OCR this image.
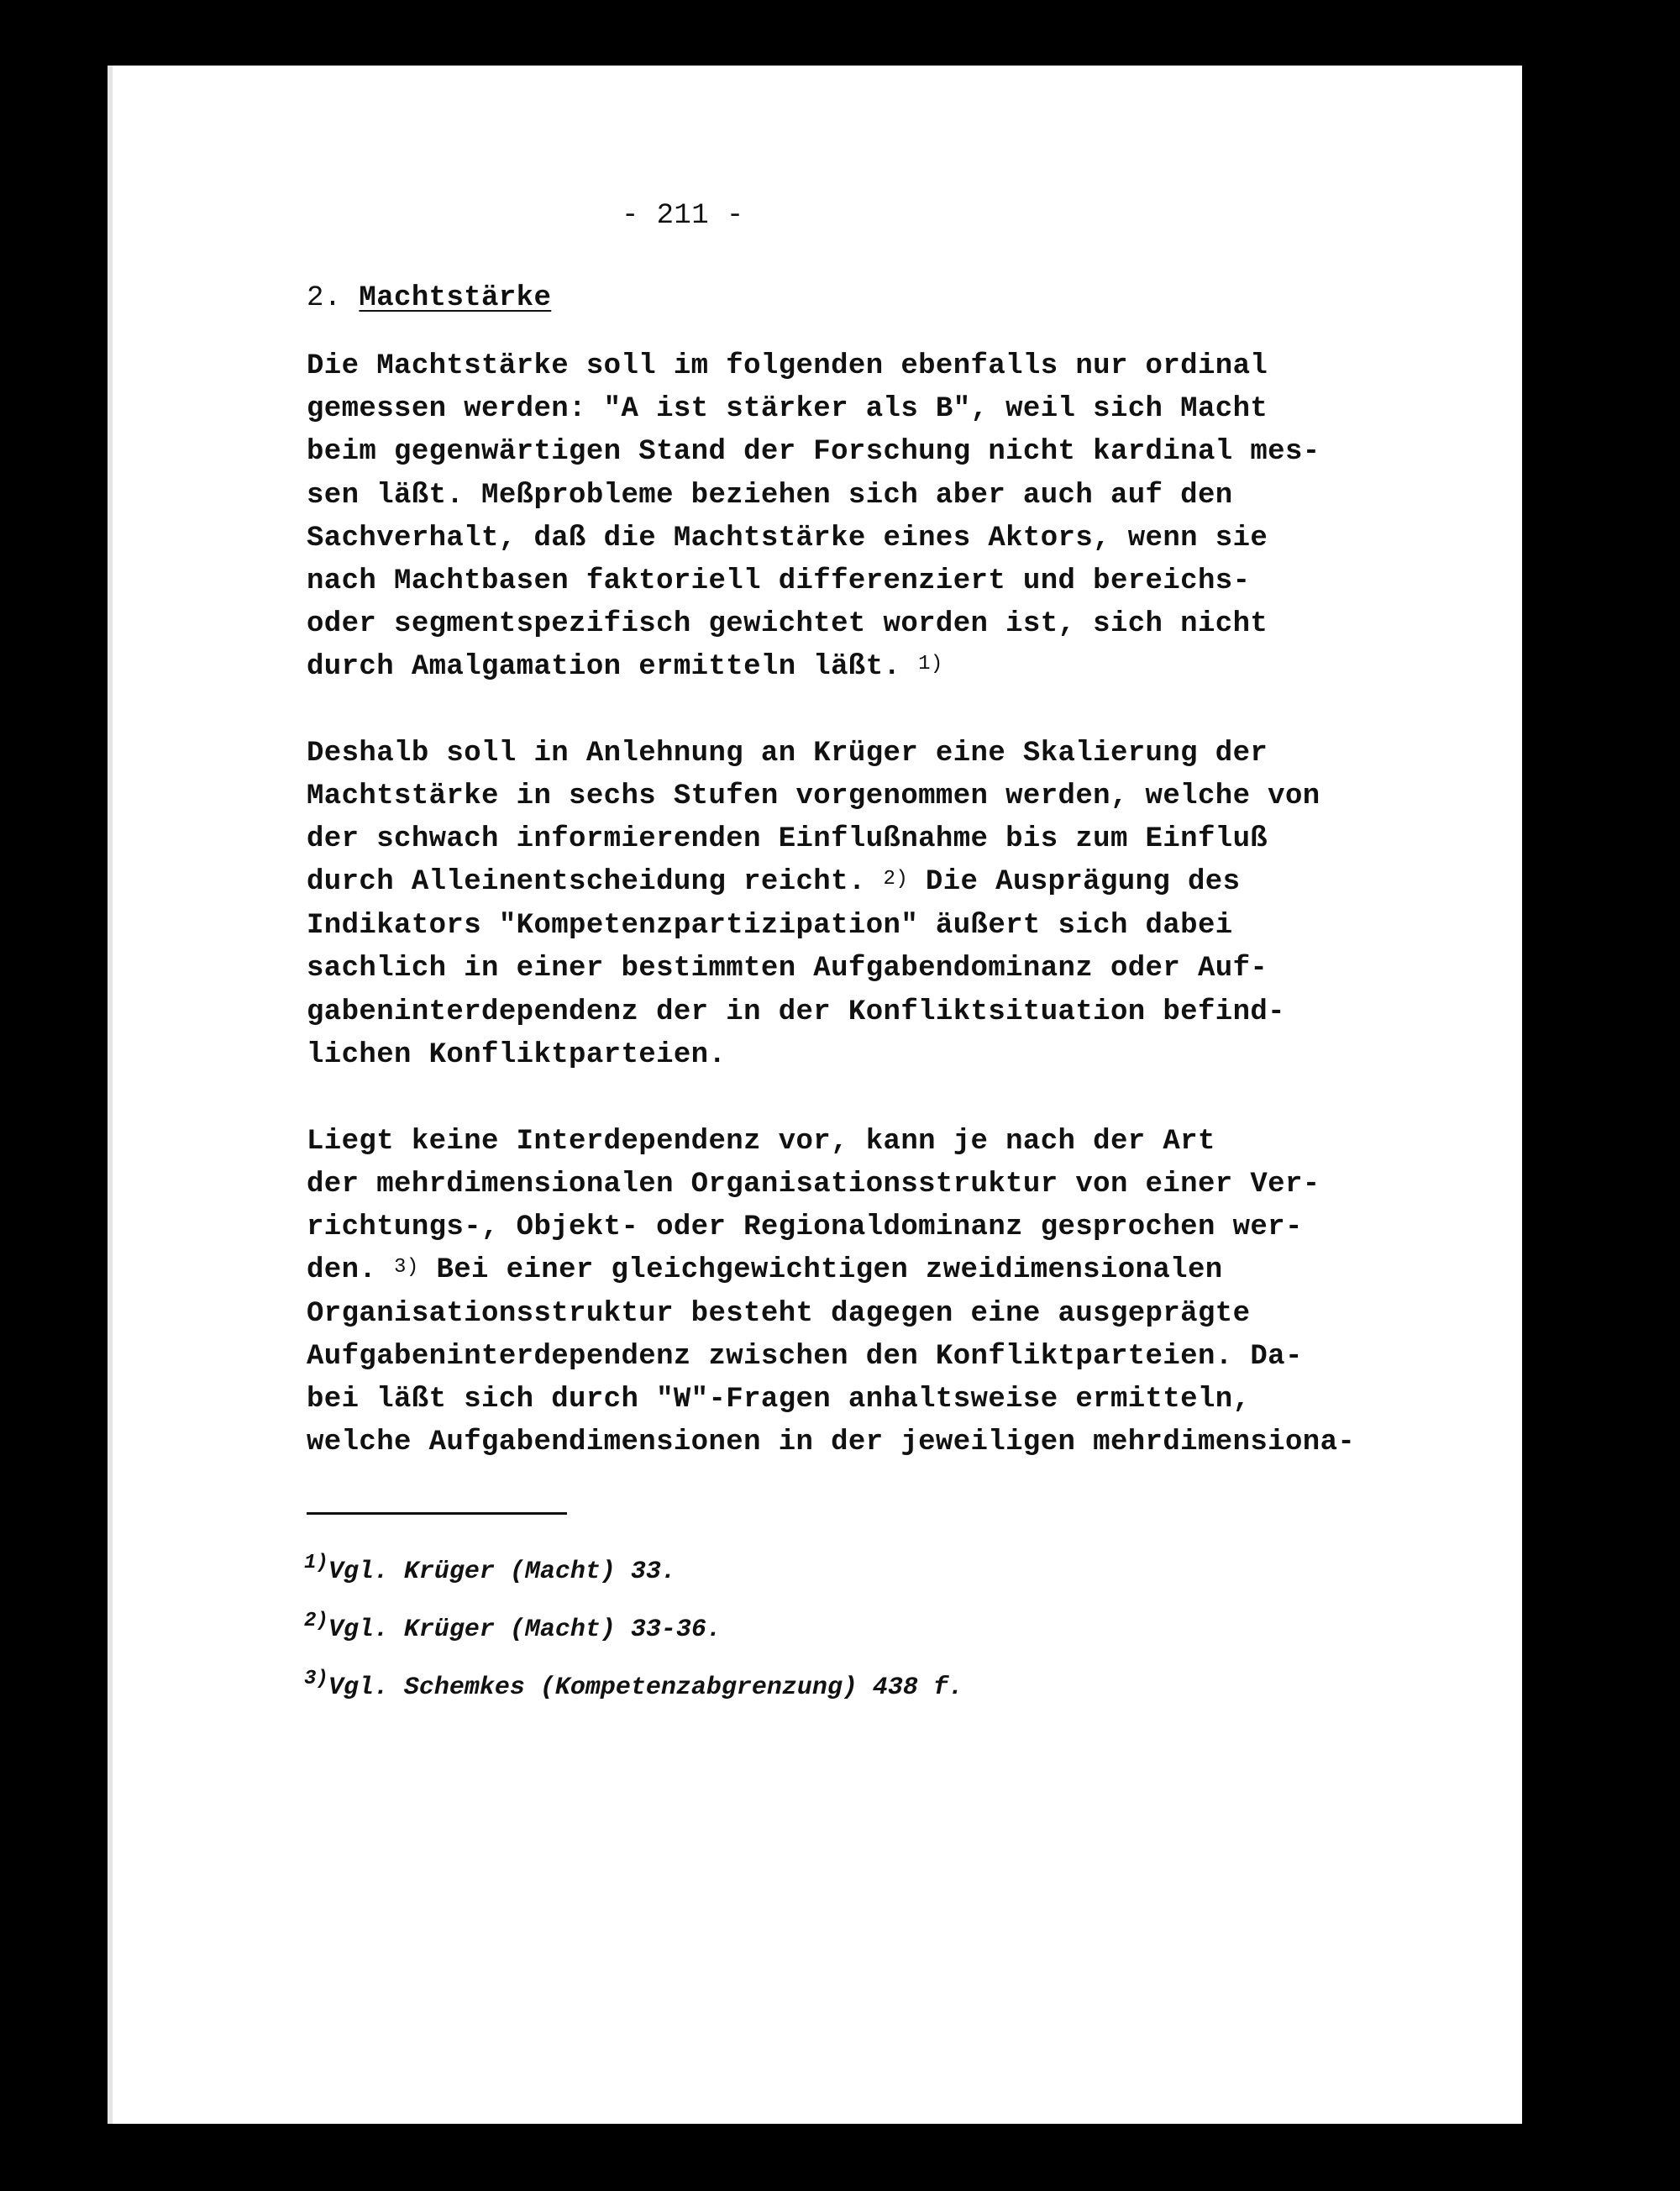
- 211 -
2. Machtstärke
Die Machtstärke soll im folgenden ebenfalls nur ordinal
gemessen werden: "A ist stärker als B", weil sich Macht
beim gegenwärtigen Stand der Forschung nicht kardinal mes-
sen läßt. Meßprobleme beziehen sich aber auch auf den
Sachverhalt, daß die Machtstärke eines Aktors, wenn sie
nach Machtbasen faktoriell differenziert und bereichs-
oder segmentspezifisch gewichtet worden ist, sich nicht
durch Amalgamation ermitteln läßt. $^{1)}$
Deshalb soll in Anlehnung an Krüger eine Skalierung der
Machtstärke in sechs Stufen vorgenommen werden, welche von
der schwach informierenden Einflußnahme bis zum Einfluß
durch Alleinentscheidung reicht. $^{2)}$ Die Ausprägung des
Indikators "Kompetenzpartizipation" äußert sich dabei
sachlich in einer bestimmten Aufgabendominanz oder Auf-
gabeninterdependenz der in der Konfliktsituation befind-
lichen Konfliktparteien.
Liegt keine Interdependenz vor, kann je nach der Art
der mehrdimensionalen Organisationsstruktur von einer Ver-
richtungs-, Objekt- oder Regionaldominanz gesprochen wer-
den. $^{3)}$ Bei einer gleichgewichtigen zweidimensionalen
Organisationsstruktur besteht dagegen eine ausgeprägte
Aufgabeninterdependenz zwischen den Konfliktparteien. Da-
bei läßt sich durch "W"-Fragen anhaltsweise ermitteln,
welche Aufgabendimensionen in der jeweiligen mehrdimensiona-
$^{1)}$Vgl. Krüger (Macht) 33.
$^{2)}$Vgl. Krüger (Macht) 33-36.
$^{3)}$Vgl. Schemkes (Kompetenzabgrenzung) 438 f.
